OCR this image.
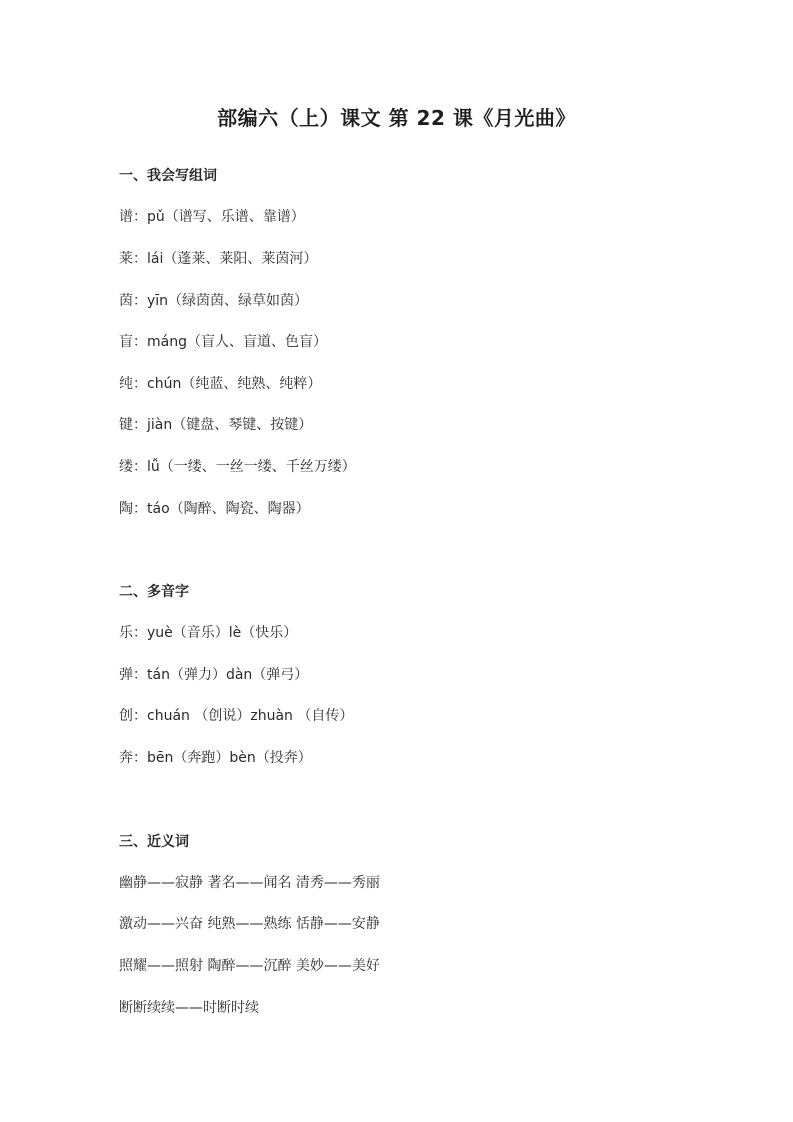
部编六（上）课文 第 22 课《月光曲》
一、我会写组词
谱：pǔ（谱写、乐谱、靠谱）
莱：lái（蓬莱、莱阳、莱茵河）
茵：yīn（绿茵茵、绿草如茵）
盲：máng（盲人、盲道、色盲）
纯：chún（纯蓝、纯熟、纯粹）
键：jiàn（键盘、琴键、按键）
缕：lǚ（一缕、一丝一缕、千丝万缕）
陶：táo（陶醉、陶瓷、陶器）
二、多音字
乐：yuè（音乐）lè（快乐）
弹：tán（弹力）dàn（弹弓）
创：chuán （创说）zhuàn （自传）
奔：bēn（奔跑）bèn（投奔）
三、近义词
幽静——寂静 著名——闻名 清秀——秀丽
激动——兴奋 纯熟——熟练 恬静——安静
照耀——照射 陶醉——沉醉 美妙——美好
断断续续——时断时续
